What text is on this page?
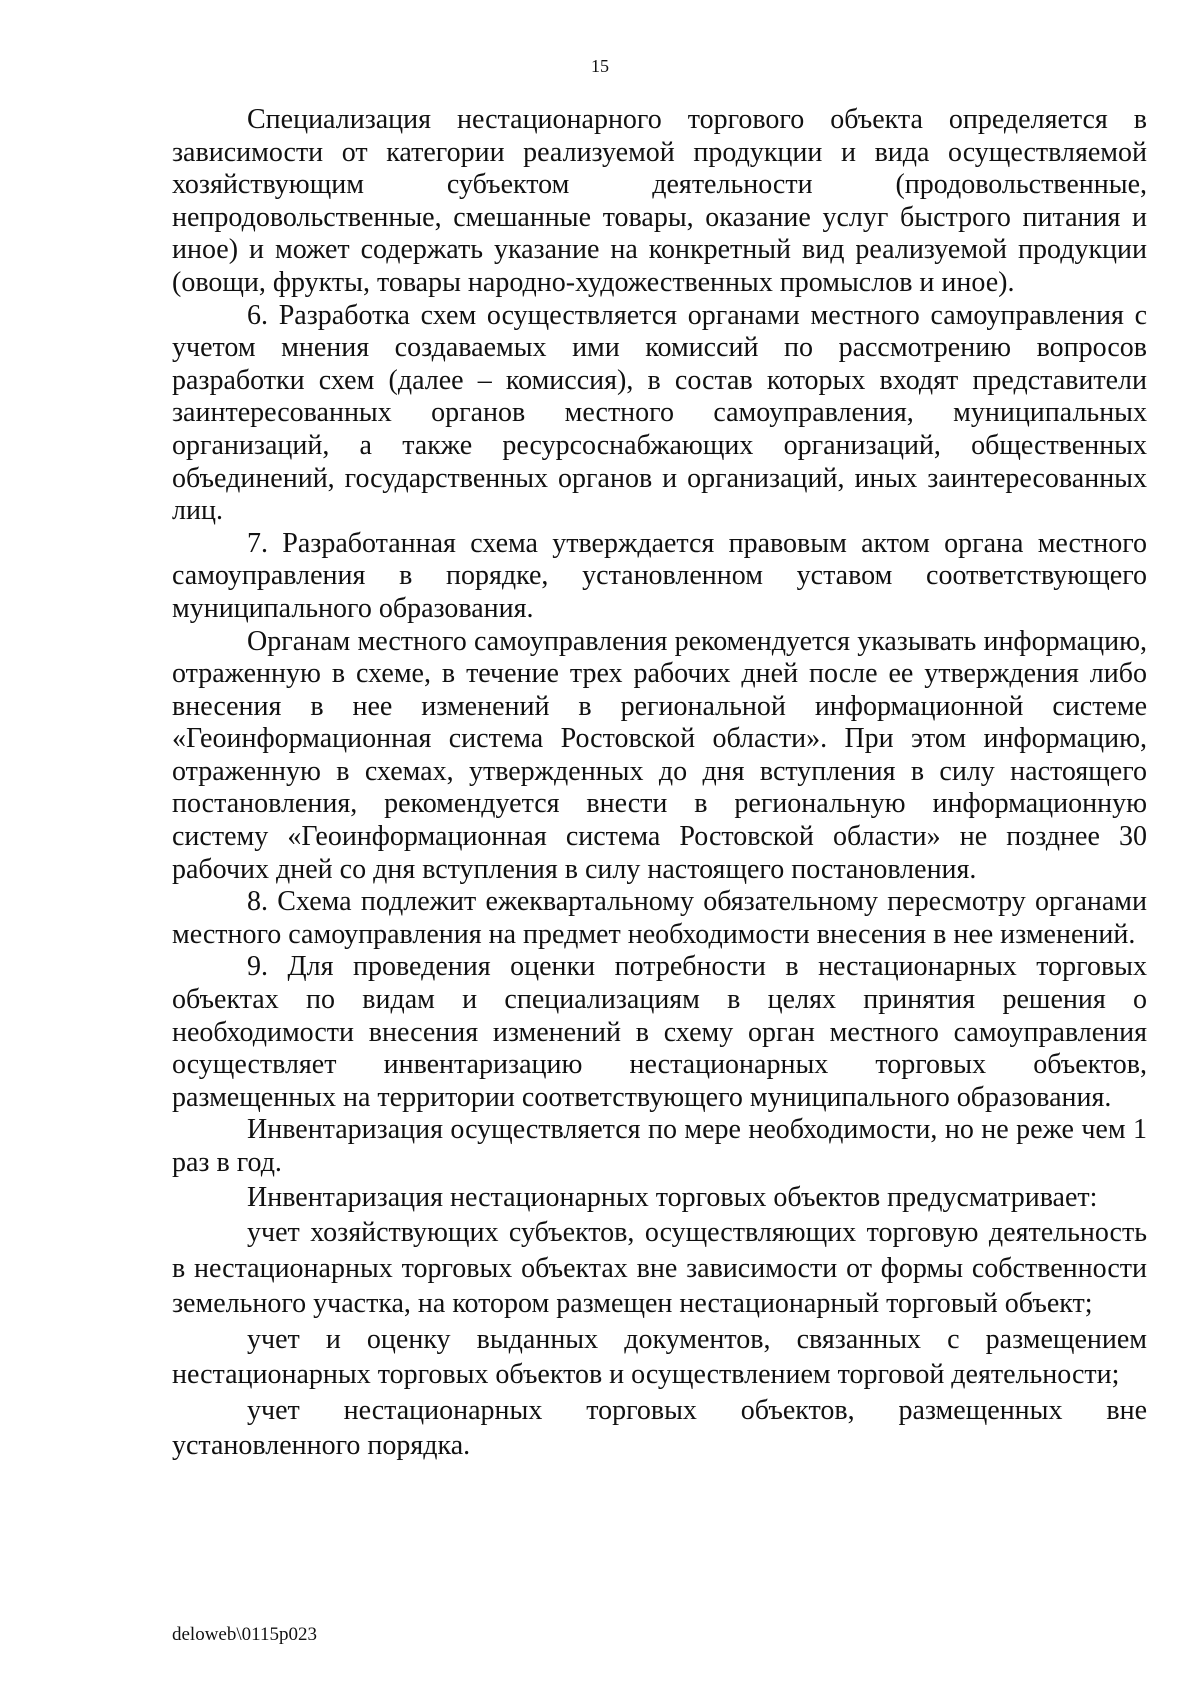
15

Специализация нестационарного торгового объекта определяется в зависимости от категории реализуемой продукции и вида осуществляемой хозяйствующим субъектом деятельности (продовольственные, непродовольственные, смешанные товары, оказание услуг быстрого питания и иное) и может содержать указание на конкретный вид реализуемой продукции (овощи, фрукты, товары народно-художественных промыслов и иное).

6. Разработка схем осуществляется органами местного самоуправления с учетом мнения создаваемых ими комиссий по рассмотрению вопросов разработки схем (далее – комиссия), в состав которых входят представители заинтересованных органов местного самоуправления, муниципальных организаций, а также ресурсоснабжающих организаций, общественных объединений, государственных органов и организаций, иных заинтересованных лиц.

7. Разработанная схема утверждается правовым актом органа местного самоуправления в порядке, установленном уставом соответствующего муниципального образования.

Органам местного самоуправления рекомендуется указывать информацию, отраженную в схеме, в течение трех рабочих дней после ее утверждения либо внесения в нее изменений в региональной информационной системе «Геоинформационная система Ростовской области». При этом информацию, отраженную в схемах, утвержденных до дня вступления в силу настоящего постановления, рекомендуется внести в региональную информационную систему «Геоинформационная система Ростовской области» не позднее 30 рабочих дней со дня вступления в силу настоящего постановления.

8. Схема подлежит ежеквартальному обязательному пересмотру органами местного самоуправления на предмет необходимости внесения в нее изменений.

9. Для проведения оценки потребности в нестационарных торговых объектах по видам и специализациям в целях принятия решения о необходимости внесения изменений в схему орган местного самоуправления осуществляет инвентаризацию нестационарных торговых объектов, размещенных на территории соответствующего муниципального образования.

Инвентаризация осуществляется по мере необходимости, но не реже чем 1 раз в год.

Инвентаризация нестационарных торговых объектов предусматривает:

учет хозяйствующих субъектов, осуществляющих торговую деятельность в нестационарных торговых объектах вне зависимости от формы собственности земельного участка, на котором размещен нестационарный торговый объект;

учет и оценку выданных документов, связанных с размещением нестационарных торговых объектов и осуществлением торговой деятельности;

учет нестационарных торговых объектов, размещенных вне установленного порядка.

deloweb\0115p023
